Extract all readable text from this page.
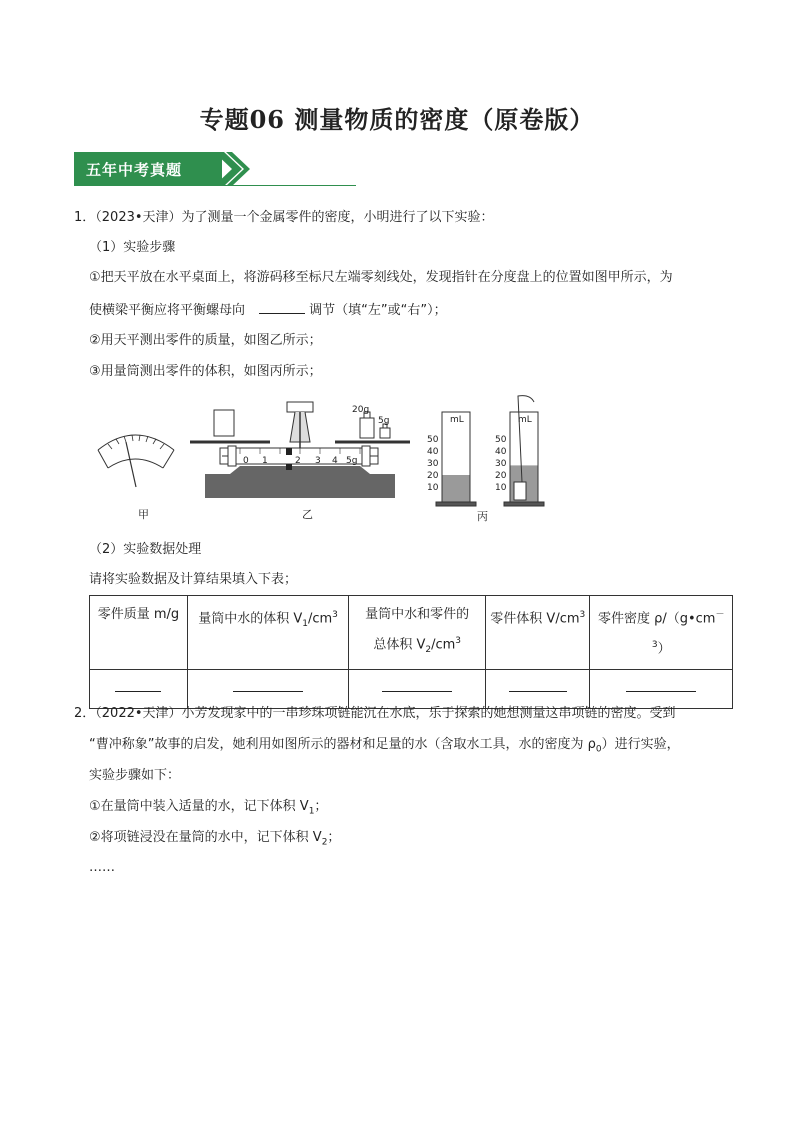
专题06 测量物质的密度（原卷版）
五年中考真题
1．（2023•天津）为了测量一个金属零件的密度，小明进行了以下实验：
（1）实验步骤
①把天平放在水平桌面上，将游码移至标尺左端零刻线处，发现指针在分度盘上的位置如图甲所示，为
使横梁平衡应将平衡螺母向	调节（填“左”或“右”）；
②用天平测出零件的质量，如图乙所示；
③用量筒测出零件的体积，如图丙所示；
0 1	2 3 4 5g
20g
5g	mL	mL
50
40
30
20
10
50
40
30
20
10
甲	乙	丙
（2）实验数据处理
请将实验数据及计算结果填入下表；
零件质量 m/g	量筒中水的体积 $V_1/cm^3$	量筒中水和零件的
总体积 $V_2/cm^3$	零件体积 $V/cm^3$	零件密度 $\rho/(g•cm^{-3})$

2．（2022•天津）小芳发现家中的一串珍珠项链能沉在水底，乐于探索的她想测量这串项链的密度。受到
“曹冲称象”故事的启发，她利用如图所示的器材和足量的水（含取水工具，水的密度为 $\rho_0$）进行实验，
实验步骤如下：
①在量筒中装入适量的水，记下体积 $V_1$；
②将项链浸没在量筒的水中，记下体积 $V_2$；
……
